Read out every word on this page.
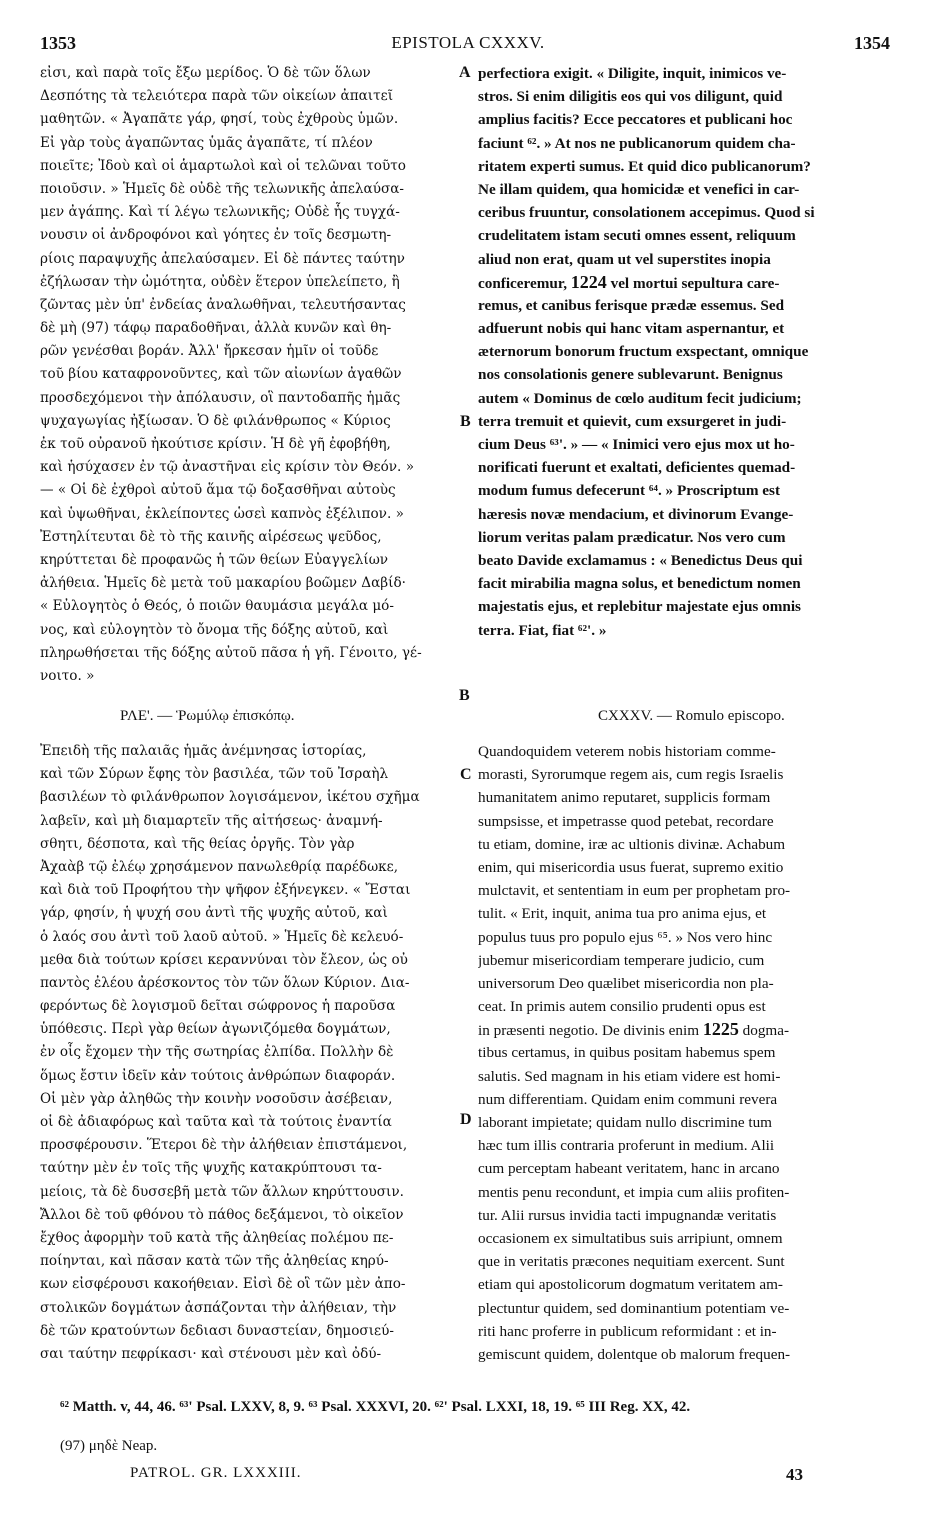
1353	EPISTOLA CXXXV.	1354
εἰσι, καὶ παρὰ τοῖς ἔξω μερίδος. Ὁ δὲ τῶν ὅλων
Δεσπότης τὰ τελειότερα παρὰ τῶν οἰκείων ἀπαιτεῖ
μαθητῶν. « Ἀγαπᾶτε γάρ, φησί, τοὺς ἐχθροὺς ὑμῶν.
Εἰ γὰρ τοὺς ἀγαπῶντας ὑμᾶς ἀγαπᾶτε, τί πλέον
ποιεῖτε; Ἰδοὺ καὶ οἱ ἁμαρτωλοὶ καὶ οἱ τελῶναι τοῦτο
ποιοῦσιν. » Ἡμεῖς δὲ οὐδὲ τῆς τελωνικῆς ἀπελαύσα-
μεν ἀγάπης. Καὶ τί λέγω τελωνικῆς; Οὐδὲ ἧς τυγχά-
νουσιν οἱ ἀνδροφόνοι καὶ γόητες ἐν τοῖς δεσμωτη-
ρίοις παραψυχῆς ἀπελαύσαμεν. Εἰ δὲ πάντες ταύτην
ἐζήλωσαν τὴν ὠμότητα, οὐδὲν ἕτερον ὑπελείπετο, ἢ
ζῶντας μὲν ὑπ' ἐνδείας ἀναλωθῆναι, τελευτήσαντας
δὲ μὴ (97) τάφῳ παραδοθῆναι, ἀλλὰ κυνῶν καὶ θη-
ρῶν γενέσθαι βοράν. Ἀλλ' ἤρκεσαν ἡμῖν οἱ τοῦδε
τοῦ βίου καταφρονοῦντες, καὶ τῶν αἰωνίων ἀγαθῶν
προσδεχόμενοι τὴν ἀπόλαυσιν, οἳ παντοδαπῆς ἡμᾶς
ψυχαγωγίας ἠξίωσαν. Ὁ δὲ φιλάνθρωπος « Κύριος
ἐκ τοῦ οὐρανοῦ ἠκούτισε κρίσιν. Ἡ δὲ γῆ ἐφοβήθη,
καὶ ἡσύχασεν ἐν τῷ ἀναστῆναι εἰς κρίσιν τὸν Θεόν. »
— « Οἱ δὲ ἐχθροὶ αὐτοῦ ἅμα τῷ δοξασθῆναι αὐτοὺς
καὶ ὑψωθῆναι, ἐκλείποντες ὡσεὶ καπνὸς ἐξέλιπον. »
Ἐστηλίτευται δὲ τὸ τῆς καινῆς αἱρέσεως ψεῦδος,
κηρύττεται δὲ προφανῶς ἡ τῶν θείων Εὐαγγελίων
ἀλήθεια. Ἡμεῖς δὲ μετὰ τοῦ μακαρίου βοῶμεν Δαβίδ·
« Εὐλογητὸς ὁ Θεός, ὁ ποιῶν θαυμάσια μεγάλα μό-
νος, καὶ εὐλογητὸν τὸ ὄνομα τῆς δόξης αὐτοῦ, καὶ
πληρωθήσεται τῆς δόξης αὐτοῦ πᾶσα ἡ γῆ. Γένοιτο, γέ-
νοιτο. »
perfectiora exigit. « Diligite, inquit, inimicos ve-
stros. Si enim diligitis eos qui vos diligunt, quid
amplius facitis? Ecce peccatores et publicani hoc
faciunt ⁶². » At nos ne publicanorum quidem cha-
ritatem experti sumus. Et quid dico publicanorum?
Ne illam quidem, qua homicidæ et venefici in car-
ceribus fruuntur, consolationem accepimus. Quod si
crudelitatem istam secuti omnes essent, reliquum
aliud non erat, quam ut vel superstites inopia
conficeremur, 1224 vel mortui sepultura care-
remus, et canibus ferisque prædæ essemus. Sed
adfuerunt nobis qui hanc vitam aspernantur, et
æternorum bonorum fructum exspectant, omnique
nos consolationis genere sublevarunt. Benignus
autem « Dominus de cœlo auditum fecit judicium;
terra tremuit et quievit, cum exsurgeret in judi-
cium Deus ⁶³'. » — « Inimici vero ejus mox ut ho-
norificati fuerunt et exaltati, deficientes quemad-
modum fumus defecerunt ⁶⁴. » Proscriptum est
hæresis novæ mendacium, et divinorum Evange-
liorum veritas palam prædicatur. Nos vero cum
beato Davide exclamamus : « Benedictus Deus qui
facit mirabilia magna solus, et benedictum nomen
majestatis ejus, et replebitur majestate ejus omnis
terra. Fiat, fiat ⁶²'. »
A
B
B
C
D
ΡΛΕ'. — Ῥωμύλῳ ἐπισκόπῳ.	CXXXV. — Romulo episcopo.
Ἐπειδὴ τῆς παλαιᾶς ἡμᾶς ἀνέμνησας ἱστορίας,
καὶ τῶν Σύρων ἔφης τὸν βασιλέα, τῶν τοῦ Ἰσραὴλ
βασιλέων τὸ φιλάνθρωπον λογισάμενον, ἱκέτου σχῆμα
λαβεῖν, καὶ μὴ διαμαρτεῖν τῆς αἰτήσεως· ἀναμνή-
σθητι, δέσποτα, καὶ τῆς θείας ὀργῆς. Τὸν γὰρ
Ἀχαὰβ τῷ ἐλέῳ χρησάμενον πανωλεθρίᾳ παρέδωκε,
καὶ διὰ τοῦ Προφήτου τὴν ψῆφον ἐξήνεγκεν. « Ἔσται
γάρ, φησίν, ἡ ψυχή σου ἀντὶ τῆς ψυχῆς αὐτοῦ, καὶ
ὁ λαός σου ἀντὶ τοῦ λαοῦ αὐτοῦ. » Ἡμεῖς δὲ κελευό-
μεθα διὰ τούτων κρίσει κεραννύναι τὸν ἔλεον, ὡς οὐ
παντὸς ἐλέου ἀρέσκοντος τὸν τῶν ὅλων Κύριον. Δια-
φερόντως δὲ λογισμοῦ δεῖται σώφρονος ἡ παροῦσα
ὑπόθεσις. Περὶ γὰρ θείων ἀγωνιζόμεθα δογμάτων,
ἐν οἷς ἔχομεν τὴν τῆς σωτηρίας ἐλπίδα. Πολλὴν δὲ
ὅμως ἔστιν ἰδεῖν κἀν τούτοις ἀνθρώπων διαφοράν.
Οἱ μὲν γὰρ ἀληθῶς τὴν κοινὴν νοσοῦσιν ἀσέβειαν,
οἱ δὲ ἀδιαφόρως καὶ ταῦτα καὶ τὰ τούτοις ἐναντία
προσφέρουσιν. Ἕτεροι δὲ τὴν ἀλήθειαν ἐπιστάμενοι,
ταύτην μὲν ἐν τοῖς τῆς ψυχῆς κατακρύπτουσι τα-
μείοις, τὰ δὲ δυσσεβῆ μετὰ τῶν ἄλλων κηρύττουσιν.
Ἄλλοι δὲ τοῦ φθόνου τὸ πάθος δεξάμενοι, τὸ οἰκεῖον
ἔχθος ἀφορμὴν τοῦ κατὰ τῆς ἀληθείας πολέμου πε-
ποίηνται, καὶ πᾶσαν κατὰ τῶν τῆς ἀληθείας κηρύ-
κων εἰσφέρουσι κακοήθειαν. Εἰσὶ δὲ οἳ τῶν μὲν ἀπο-
στολικῶν δογμάτων ἀσπάζονται τὴν ἀλήθειαν, τὴν
δὲ τῶν κρατούντων δεδιασι δυναστείαν, δημοσιεύ-
σαι ταύτην πεφρίκασι· καὶ στένουσι μὲν καὶ ὀδύ-
Quandoquidem veterem nobis historiam comme-
morasti, Syrorumque regem ais, cum regis Israelis
humanitatem animo reputaret, supplicis formam
sumpsisse, et impetrasse quod petebat, recordare
tu etiam, domine, iræ ac ultionis divinæ. Achabum
enim, qui misericordia usus fuerat, supremo exitio
mulctavit, et sententiam in eum per prophetam pro-
tulit. « Erit, inquit, anima tua pro anima ejus, et
populus tuus pro populo ejus ⁶⁵. » Nos vero hinc
jubemur misericordiam temperare judicio, cum
universorum Deo quælibet misericordia non pla-
ceat. In primis autem consilio prudenti opus est
in præsenti negotio. De divinis enim 1225 dogma-
tibus certamus, in quibus positam habemus spem
salutis. Sed magnam in his etiam videre est homi-
num differentiam. Quidam enim communi revera
laborant impietate; quidam nullo discrimine tum
hæc tum illis contraria proferunt in medium. Alii
cum perceptam habeant veritatem, hanc in arcano
mentis penu recondunt, et impia cum aliis profiten-
tur. Alii rursus invidia tacti impugnandæ veritatis
occasionem ex simultatibus suis arripiunt, omnem
que in veritatis præcones nequitiam exercent. Sunt
etiam qui apostolicorum dogmatum veritatem am-
plectuntur quidem, sed dominantium potentiam ve-
riti hanc proferre in publicum reformidant : et in-
gemiscunt quidem, dolentque ob malorum frequen-
⁶² Matth. v, 44, 46. ⁶³' Psal. LXXV, 8, 9. ⁶³ Psal. XXXVI, 20. ⁶²' Psal. LXXI, 18, 19. ⁶⁵ III Reg. XX, 42.
(97) μηδὲ Neap.
PATROL. GR. LXXXIII.	43
